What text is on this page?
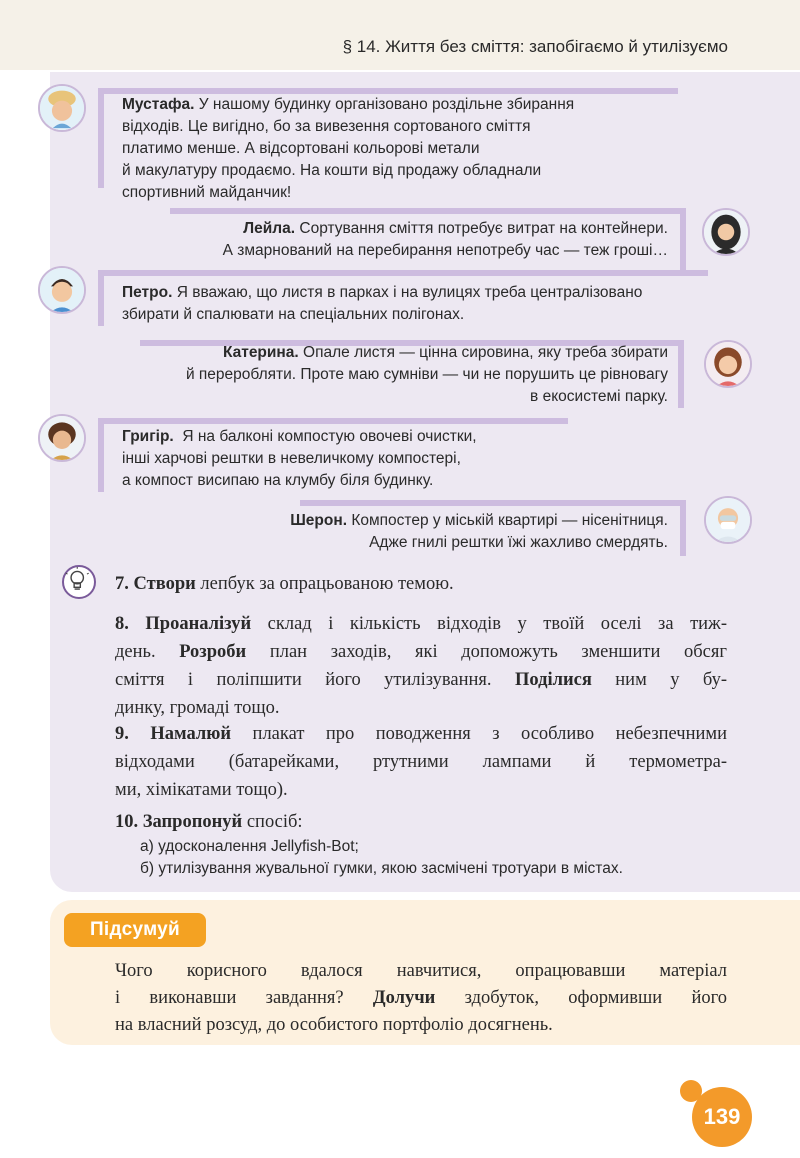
§ 14. Життя без сміття: запобігаємо й утилізуємо
Мустафа. У нашому будинку організовано роздільне збирання
відходів. Це вигідно, бо за вивезення сортованого сміття
платимо менше. А відсортовані кольорові метали
й макулатуру продаємо. На кошти від продажу обладнали
спортивний майданчик!
Лейла. Сортування сміття потребує витрат на контейнери.
А змарнований на перебирання непотребу час — теж гроші…
Петро. Я вважаю, що листя в парках і на вулицях треба централізовано
збирати й спалювати на спеціальних полігонах.
Катерина. Опале листя — цінна сировина, яку треба збирати
й переробляти. Проте маю сумніви — чи не порушить це рівновагу
в екосистемі парку.
Григір. Я на балконі компостую овочеві очистки,
інші харчові рештки в невеличкому компостері,
а компост висипаю на клумбу біля будинку.
Шерон. Компостер у міській квартирі — нісенітниця.
Адже гнилі рештки їжі жахливо смердять.
7. Створи лепбук за опрацьованою темою.
8. Проаналізуй склад і кількість відходів у твоїй оселі за тиж-
день. Розроби план заходів, які допоможуть зменшити обсяг
сміття і поліпшити його утилізування. Поділися ним у бу-
динку, громаді тощо.
9. Намалюй плакат про поводження з особливо небезпечними
відходами (батарейками, ртутними лампами й термометра-
ми, хімікатами тощо).
10. Запропонуй спосіб:
а) удосконалення Jellyfish-Bot;
б) утилізування жувальної гумки, якою засмічені тротуари в містах.
Підсумуй
Чого корисного вдалося навчитися, опрацювавши матеріал
і виконавши завдання? Долучи здобуток, оформивши його
на власний розсуд, до особистого портфоліо досягнень.
139
